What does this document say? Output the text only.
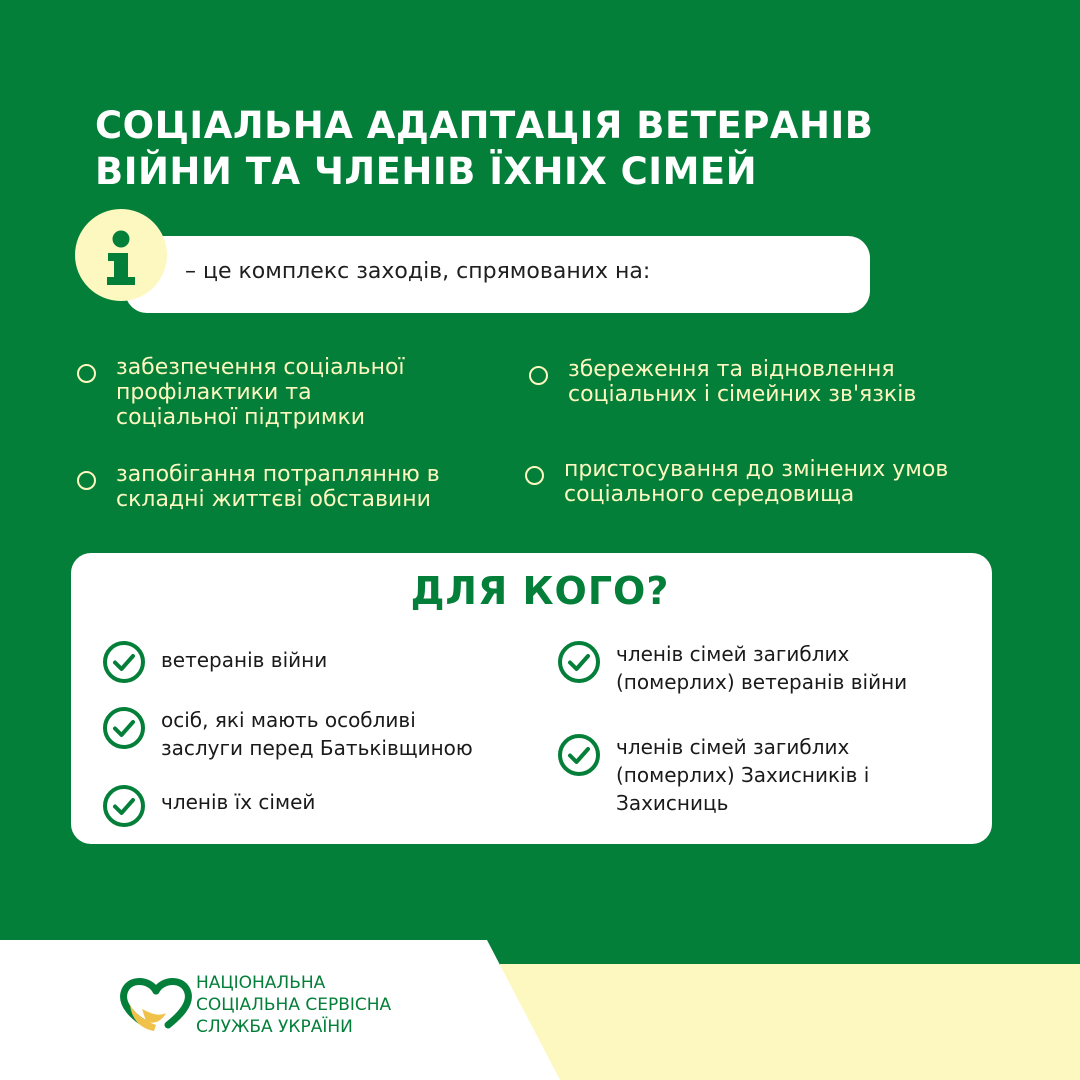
СОЦІАЛЬНА АДАПТАЦІЯ ВЕТЕРАНІВ
ВІЙНИ ТА ЧЛЕНІВ ЇХНІХ СІМЕЙ
– це комплекс заходів, спрямованих на:
забезпечення соціальної
профілактики та
соціальної підтримки
збереження та відновлення
соціальних і сімейних зв'язків
запобігання потраплянню в
складні життєві обставини
пристосування до змінених умов
соціального середовища
ДЛЯ КОГО?
ветеранів війни
осіб, які мають особливі
заслуги перед Батьківщиною
членів їх сімей
членів сімей загиблих
(померлих) ветеранів війни
членів сімей загиблих
(померлих) Захисників і
Захисниць
НАЦІОНАЛЬНА
СОЦІАЛЬНА СЕРВІСНА
СЛУЖБА УКРАЇНИ
